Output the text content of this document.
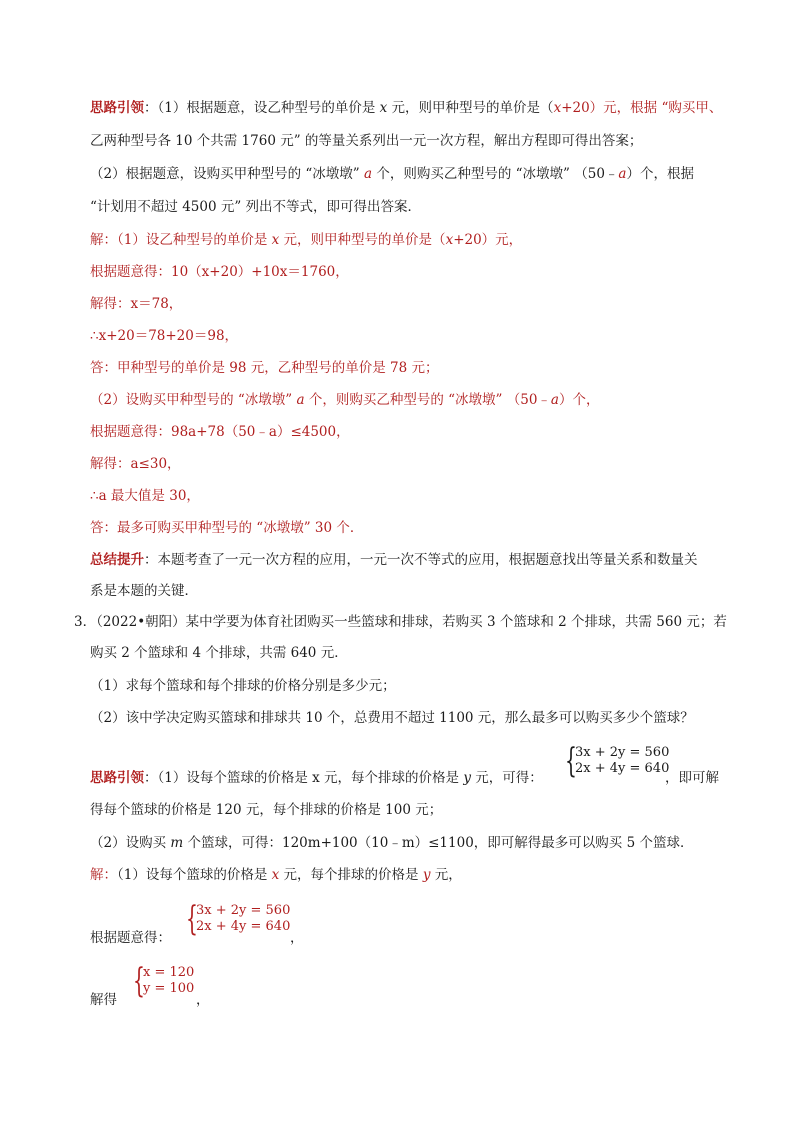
思路引领：（1）根据题意，设乙种型号的单价是 x 元，则甲种型号的单价是（x+20）元，根据 “购买甲、
乙两种型号各 10 个共需 1760 元” 的等量关系列出一元一次方程，解出方程即可得出答案；
（2）根据题意，设购买甲种型号的 “冰墩墩” a 个，则购买乙种型号的 “冰墩墩” （50﹣a）个，根据
“计划用不超过 4500 元” 列出不等式，即可得出答案．
解：（1）设乙种型号的单价是 x 元，则甲种型号的单价是（x+20）元，
根据题意得：10（x+20）+10x＝1760，
解得：x＝78，
∴x+20＝78+20＝98，
答：甲种型号的单价是 98 元，乙种型号的单价是 78 元；
（2）设购买甲种型号的 “冰墩墩” a 个，则购买乙种型号的 “冰墩墩” （50﹣a）个，
根据题意得：98a+78（50﹣a）≤4500，
解得：a≤30，
∴a 最大值是 30，
答：最多可购买甲种型号的 “冰墩墩” 30 个．
总结提升：本题考查了一元一次方程的应用，一元一次不等式的应用，根据题意找出等量关系和数量关
系是本题的关键．
3．（2022•朝阳）某中学要为体育社团购买一些篮球和排球，若购买 3 个篮球和 2 个排球，共需 560 元；若
购买 2 个篮球和 4 个排球，共需 640 元．
（1）求每个篮球和每个排球的价格分别是多少元；
（2）该中学决定购买篮球和排球共 10 个，总费用不超过 1100 元，那么最多可以购买多少个篮球？
思路引领：（1）设每个篮球的价格是 x 元，每个排球的价格是 y 元，可得： {
3x + 2y = 560
2x + 4y = 640
，即可解
得每个篮球的价格是 120 元，每个排球的价格是 100 元；
（2）设购买 m 个篮球，可得：120m+100（10﹣m）≤1100，即可解得最多可以购买 5 个篮球．
解：（1）设每个篮球的价格是 x 元，每个排球的价格是 y 元，
根据题意得： {
3x + 2y = 560
2x + 4y = 640
，
解得 {
x = 120
y = 100
，
